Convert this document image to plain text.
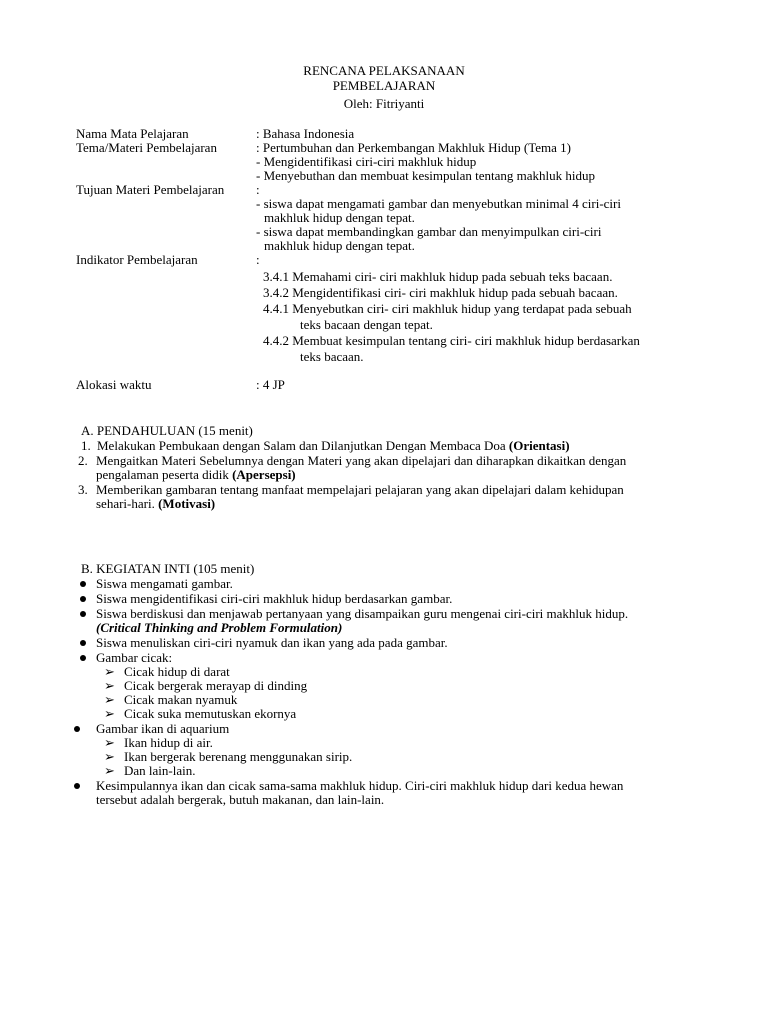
RENCANA PELAKSANAAN
PEMBELAJARAN
Oleh: Fitriyanti
Nama Mata Pelajaran	: Bahasa Indonesia
Tema/Materi Pembelajaran	: Pertumbuhan dan Perkembangan Makhluk Hidup (Tema 1)
- Mengidentifikasi ciri-ciri makhluk hidup
- Menyebuthan dan membuat kesimpulan tentang makhluk hidup
Tujuan Materi Pembelajaran :
- siswa dapat mengamati gambar dan menyebutkan minimal 4 ciri-ciri
makhluk hidup dengan tepat.
- siswa dapat membandingkan gambar dan menyimpulkan ciri-ciri
makhluk hidup dengan tepat.
Indikator Pembelajaran	:
3.4.1 Memahami ciri- ciri makhluk hidup pada sebuah teks bacaan.
3.4.2 Mengidentifikasi ciri- ciri makhluk hidup pada sebuah bacaan.
4.4.1 Menyebutkan ciri- ciri makhluk hidup yang terdapat pada sebuah
teks bacaan dengan tepat.
4.4.2 Membuat kesimpulan tentang ciri- ciri makhluk hidup berdasarkan
teks bacaan.
Alokasi waktu	: 4 JP
A. PENDAHULUAN (15 menit)
1. Melakukan Pembukaan dengan Salam dan Dilanjutkan Dengan Membaca Doa (Orientasi)
2. Mengaitkan Materi Sebelumnya dengan Materi yang akan dipelajari dan diharapkan dikaitkan dengan
pengalaman peserta didik (Apersepsi)
3. Memberikan gambaran tentang manfaat mempelajari pelajaran yang akan dipelajari dalam kehidupan
sehari-hari. (Motivasi)
B. KEGIATAN INTI (105 menit)
Siswa mengamati gambar.
Siswa mengidentifikasi ciri-ciri makhluk hidup berdasarkan gambar.
Siswa berdiskusi dan menjawab pertanyaan yang disampaikan guru mengenai ciri-ciri makhluk hidup.
(Critical Thinking and Problem Formulation)
Siswa menuliskan ciri-ciri nyamuk dan ikan yang ada pada gambar.
Gambar cicak:
➢ Cicak hidup di darat
➢ Cicak bergerak merayap di dinding
➢ Cicak makan nyamuk
➢ Cicak suka memutuskan ekornya
Gambar ikan di aquarium
➢ Ikan hidup di air.
➢ Ikan bergerak berenang menggunakan sirip.
➢ Dan lain-lain.
Kesimpulannya ikan dan cicak sama-sama makhluk hidup. Ciri-ciri makhluk hidup dari kedua hewan
tersebut adalah bergerak, butuh makanan, dan lain-lain.
